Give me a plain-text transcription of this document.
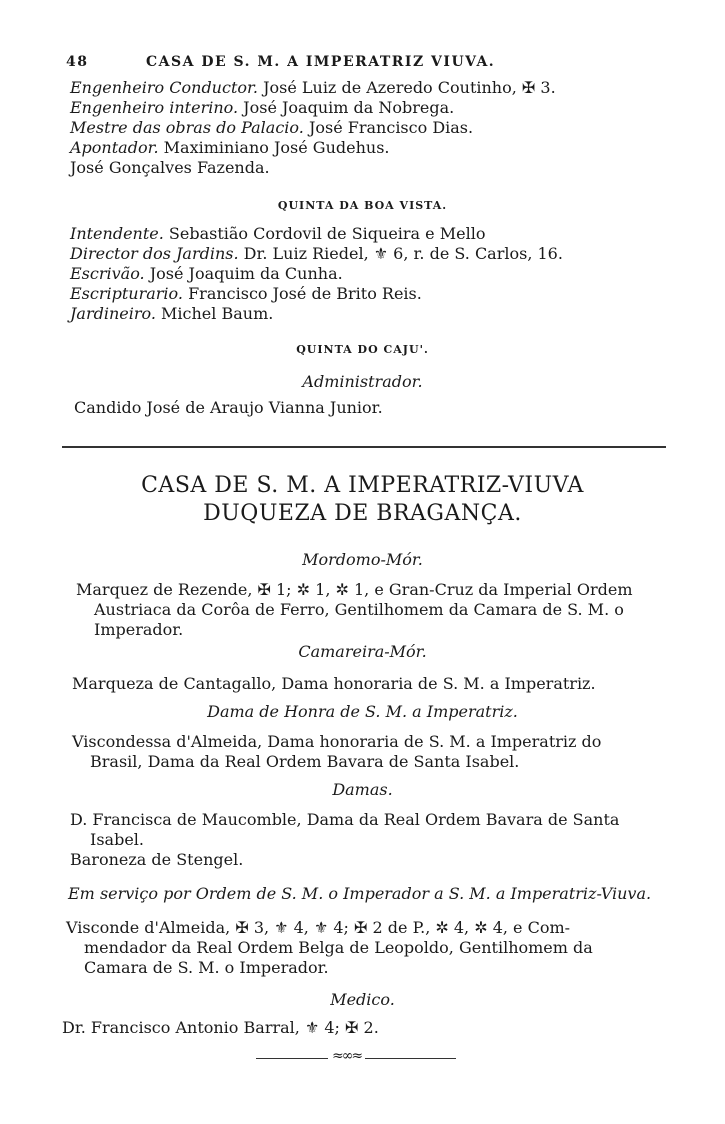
48	CASA DE S. M. A IMPERATRIZ VIUVA.
Engenheiro Conductor. José Luiz de Azeredo Coutinho, ✠ 3.
Engenheiro interino. José Joaquim da Nobrega.
Mestre das obras do Palacio. José Francisco Dias.
Apontador. Maximiniano José Gudehus.
José Gonçalves Fazenda.
QUINTA DA BOA VISTA.
Intendente. Sebastião Cordovil de Siqueira e Mello
Director dos Jardins. Dr. Luiz Riedel, ⚜ 6, r. de S. Carlos, 16.
Escrivão. José Joaquim da Cunha.
Escripturario. Francisco José de Brito Reis.
Jardineiro. Michel Baum.
QUINTA DO CAJU'.
Administrador.
Candido José de Araujo Vianna Junior.
CASA DE S. M. A IMPERATRIZ-VIUVA
DUQUEZA DE BRAGANÇA.
Mordomo-Mór.
Marquez de Rezende, ✠ 1; ✲ 1, ✲ 1, e Gran-Cruz da Imperial Ordem
Austriaca da Corôa de Ferro, Gentilhomem da Camara de S. M. o
Imperador.
Camareira-Mór.
Marqueza de Cantagallo, Dama honoraria de S. M. a Imperatriz.
Dama de Honra de S. M. a Imperatriz.
Viscondessa d'Almeida, Dama honoraria de S. M. a Imperatriz do
Brasil, Dama da Real Ordem Bavara de Santa Isabel.
Damas.
D. Francisca de Maucomble, Dama da Real Ordem Bavara de Santa
Isabel.
Baroneza de Stengel.
Em serviço por Ordem de S. M. o Imperador a S. M. a Imperatriz-Viuva.
Visconde d'Almeida, ✠ 3, ⚜ 4, ⚜ 4; ✠ 2 de P., ✲ 4, ✲ 4, e Com-
mendador da Real Ordem Belga de Leopoldo, Gentilhomem da
Camara de S. M. o Imperador.
Medico.
Dr. Francisco Antonio Barral, ⚜ 4; ✠ 2.
≈∞≈
